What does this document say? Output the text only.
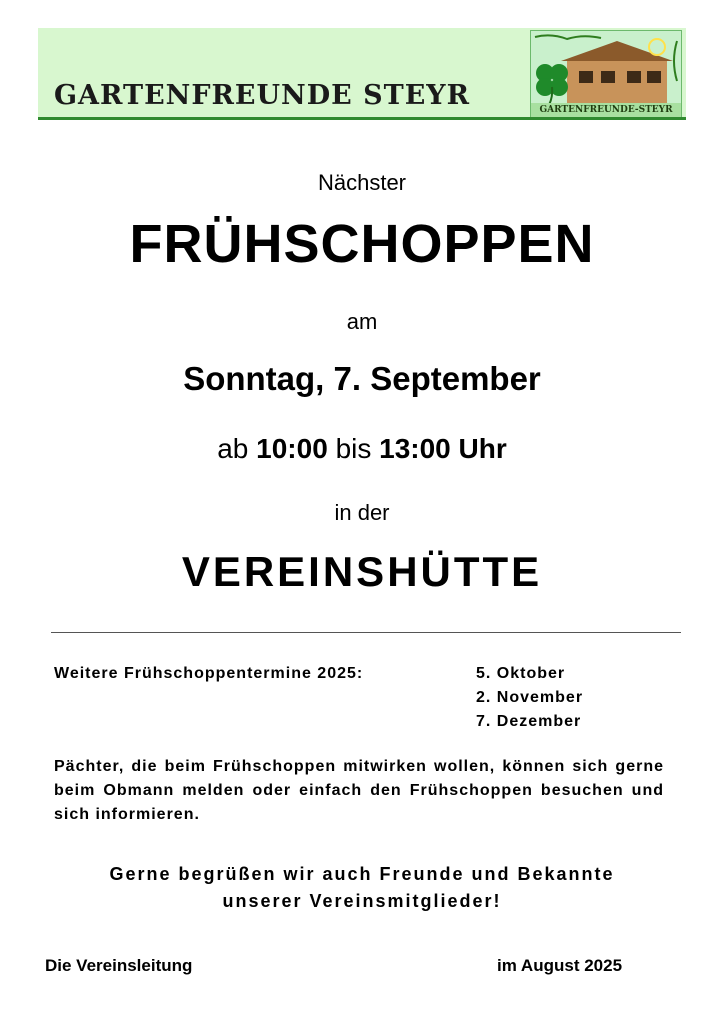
GARTENFREUNDE STEYR	GARTENFREUNDE-STEYR
Nächster
FRÜHSCHOPPEN
am
Sonntag, 7. September
ab 10:00 bis 13:00 Uhr
in der
VEREINSHÜTTE
Weitere Frühschoppentermine 2025:	5. Oktober
2. November
7. Dezember
Pächter, die beim Frühschoppen mitwirken wollen, können sich gerne beim Obmann melden oder einfach den Frühschoppen besuchen und sich informieren.
Gerne begrüßen wir auch Freunde und Bekannte
unserer Vereinsmitglieder!
Die Vereinsleitung	im August 2025
